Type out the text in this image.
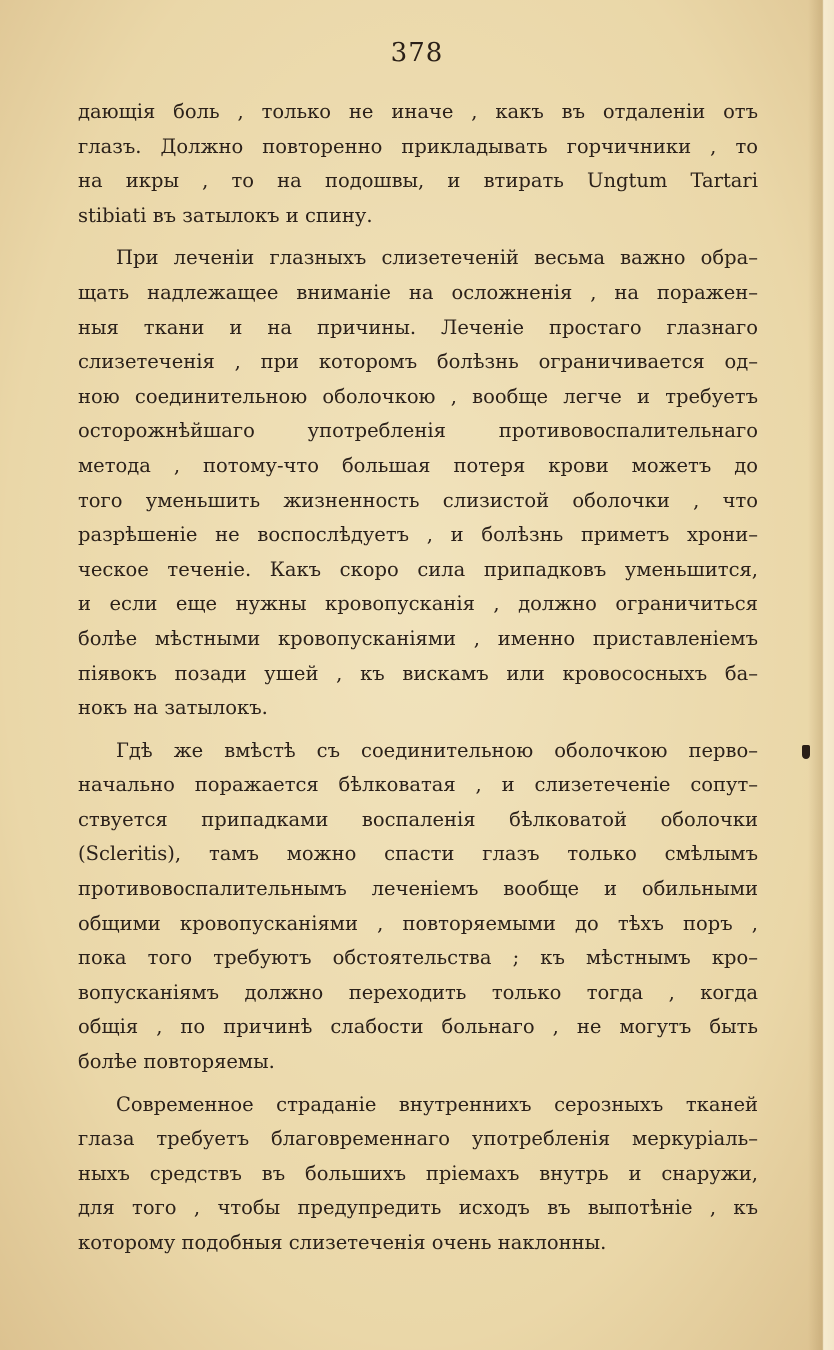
378
дающія боль , только не иначе , какъ въ отдаленіи отъ
глазъ. Должно повторенно прикладывать горчичники , то
на икры , то на подошвы, и втирать Ungtum Tartari
stibiati въ затылокъ и спину.
При леченіи глазныхъ слизетеченій весьма важно обра–
щать надлежащее вниманіе на осложненія , на поражен–
ныя ткани и на причины. Леченіе простаго глазнаго
слизетеченія , при которомъ болѣзнь ограничивается од–
ною соединительною оболочкою , вообще легче и требуетъ
осторожнѣйшаго употребленія противовоспалительнаго
метода , потому-что большая потеря крови можетъ до
того уменьшить жизненность слизистой оболочки , что
разрѣшеніе не воспослѣдуетъ , и болѣзнь приметъ хрони–
ческое теченіе. Какъ скоро сила припадковъ уменьшится,
и если еще нужны кровопусканія , должно ограничиться
болѣе мѣстными кровопусканіями , именно приставленіемъ
піявокъ позади ушей , къ вискамъ или кровососныхъ ба–
нокъ на затылокъ.
Гдѣ же вмѣстѣ съ соединительною оболочкою перво–
начально поражается бѣлковатая , и слизетеченіе сопут–
ствуется припадками воспаленія бѣлковатой оболочки
(Scleritis), тамъ можно спасти глазъ только смѣлымъ
противовоспалительнымъ леченіемъ вообще и обильными
общими кровопусканіями , повторяемыми до тѣхъ поръ ,
пока того требуютъ обстоятельства ; къ мѣстнымъ кро–
вопусканіямъ должно переходить только тогда , когда
общія , по причинѣ слабости больнаго , не могутъ быть
болѣе повторяемы.
Современное страданіе внутреннихъ серозныхъ тканей
глаза требуетъ благовременнаго употребленія меркуріаль–
ныхъ средствъ въ большихъ пріемахъ внутрь и снаружи,
для того , чтобы предупредить исходъ въ выпотѣніе , къ
которому подобныя слизетеченія очень наклонны.
